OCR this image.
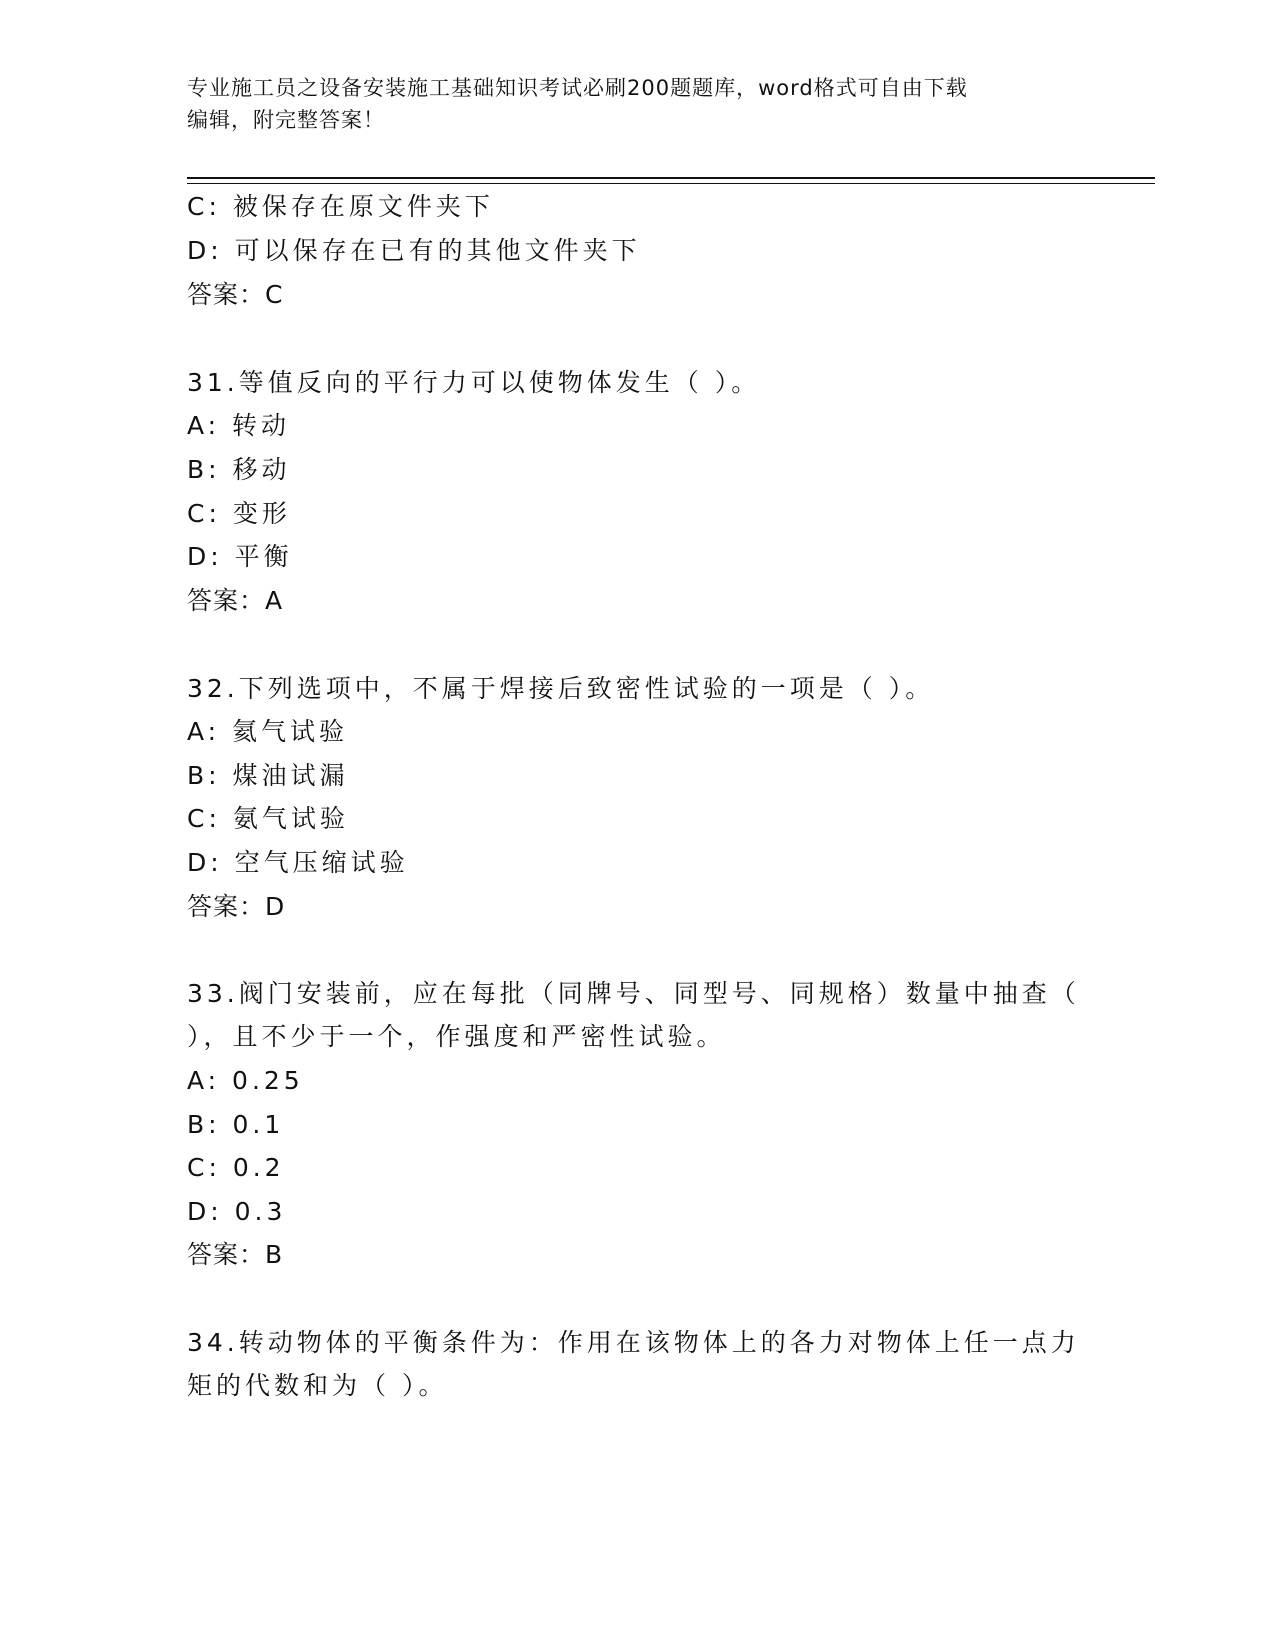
专业施工员之设备安装施工基础知识考试必刷200题题库，word格式可自由下载
编辑，附完整答案！
C: 被保存在原文件夹下
D: 可以保存在已有的其他文件夹下
答案：C
31.等值反向的平行力可以使物体发生（ ）。
A: 转动
B: 移动
C: 变形
D: 平衡
答案：A
32.下列选项中，不属于焊接后致密性试验的一项是（ ）。
A: 氦气试验
B: 煤油试漏
C: 氨气试验
D: 空气压缩试验
答案：D
33.阀门安装前，应在每批（同牌号、同型号、同规格）数量中抽查（
），且不少于一个，作强度和严密性试验。
A: 0.25
B: 0.1
C: 0.2
D: 0.3
答案：B
34.转动物体的平衡条件为：作用在该物体上的各力对物体上任一点力
矩的代数和为（ ）。
